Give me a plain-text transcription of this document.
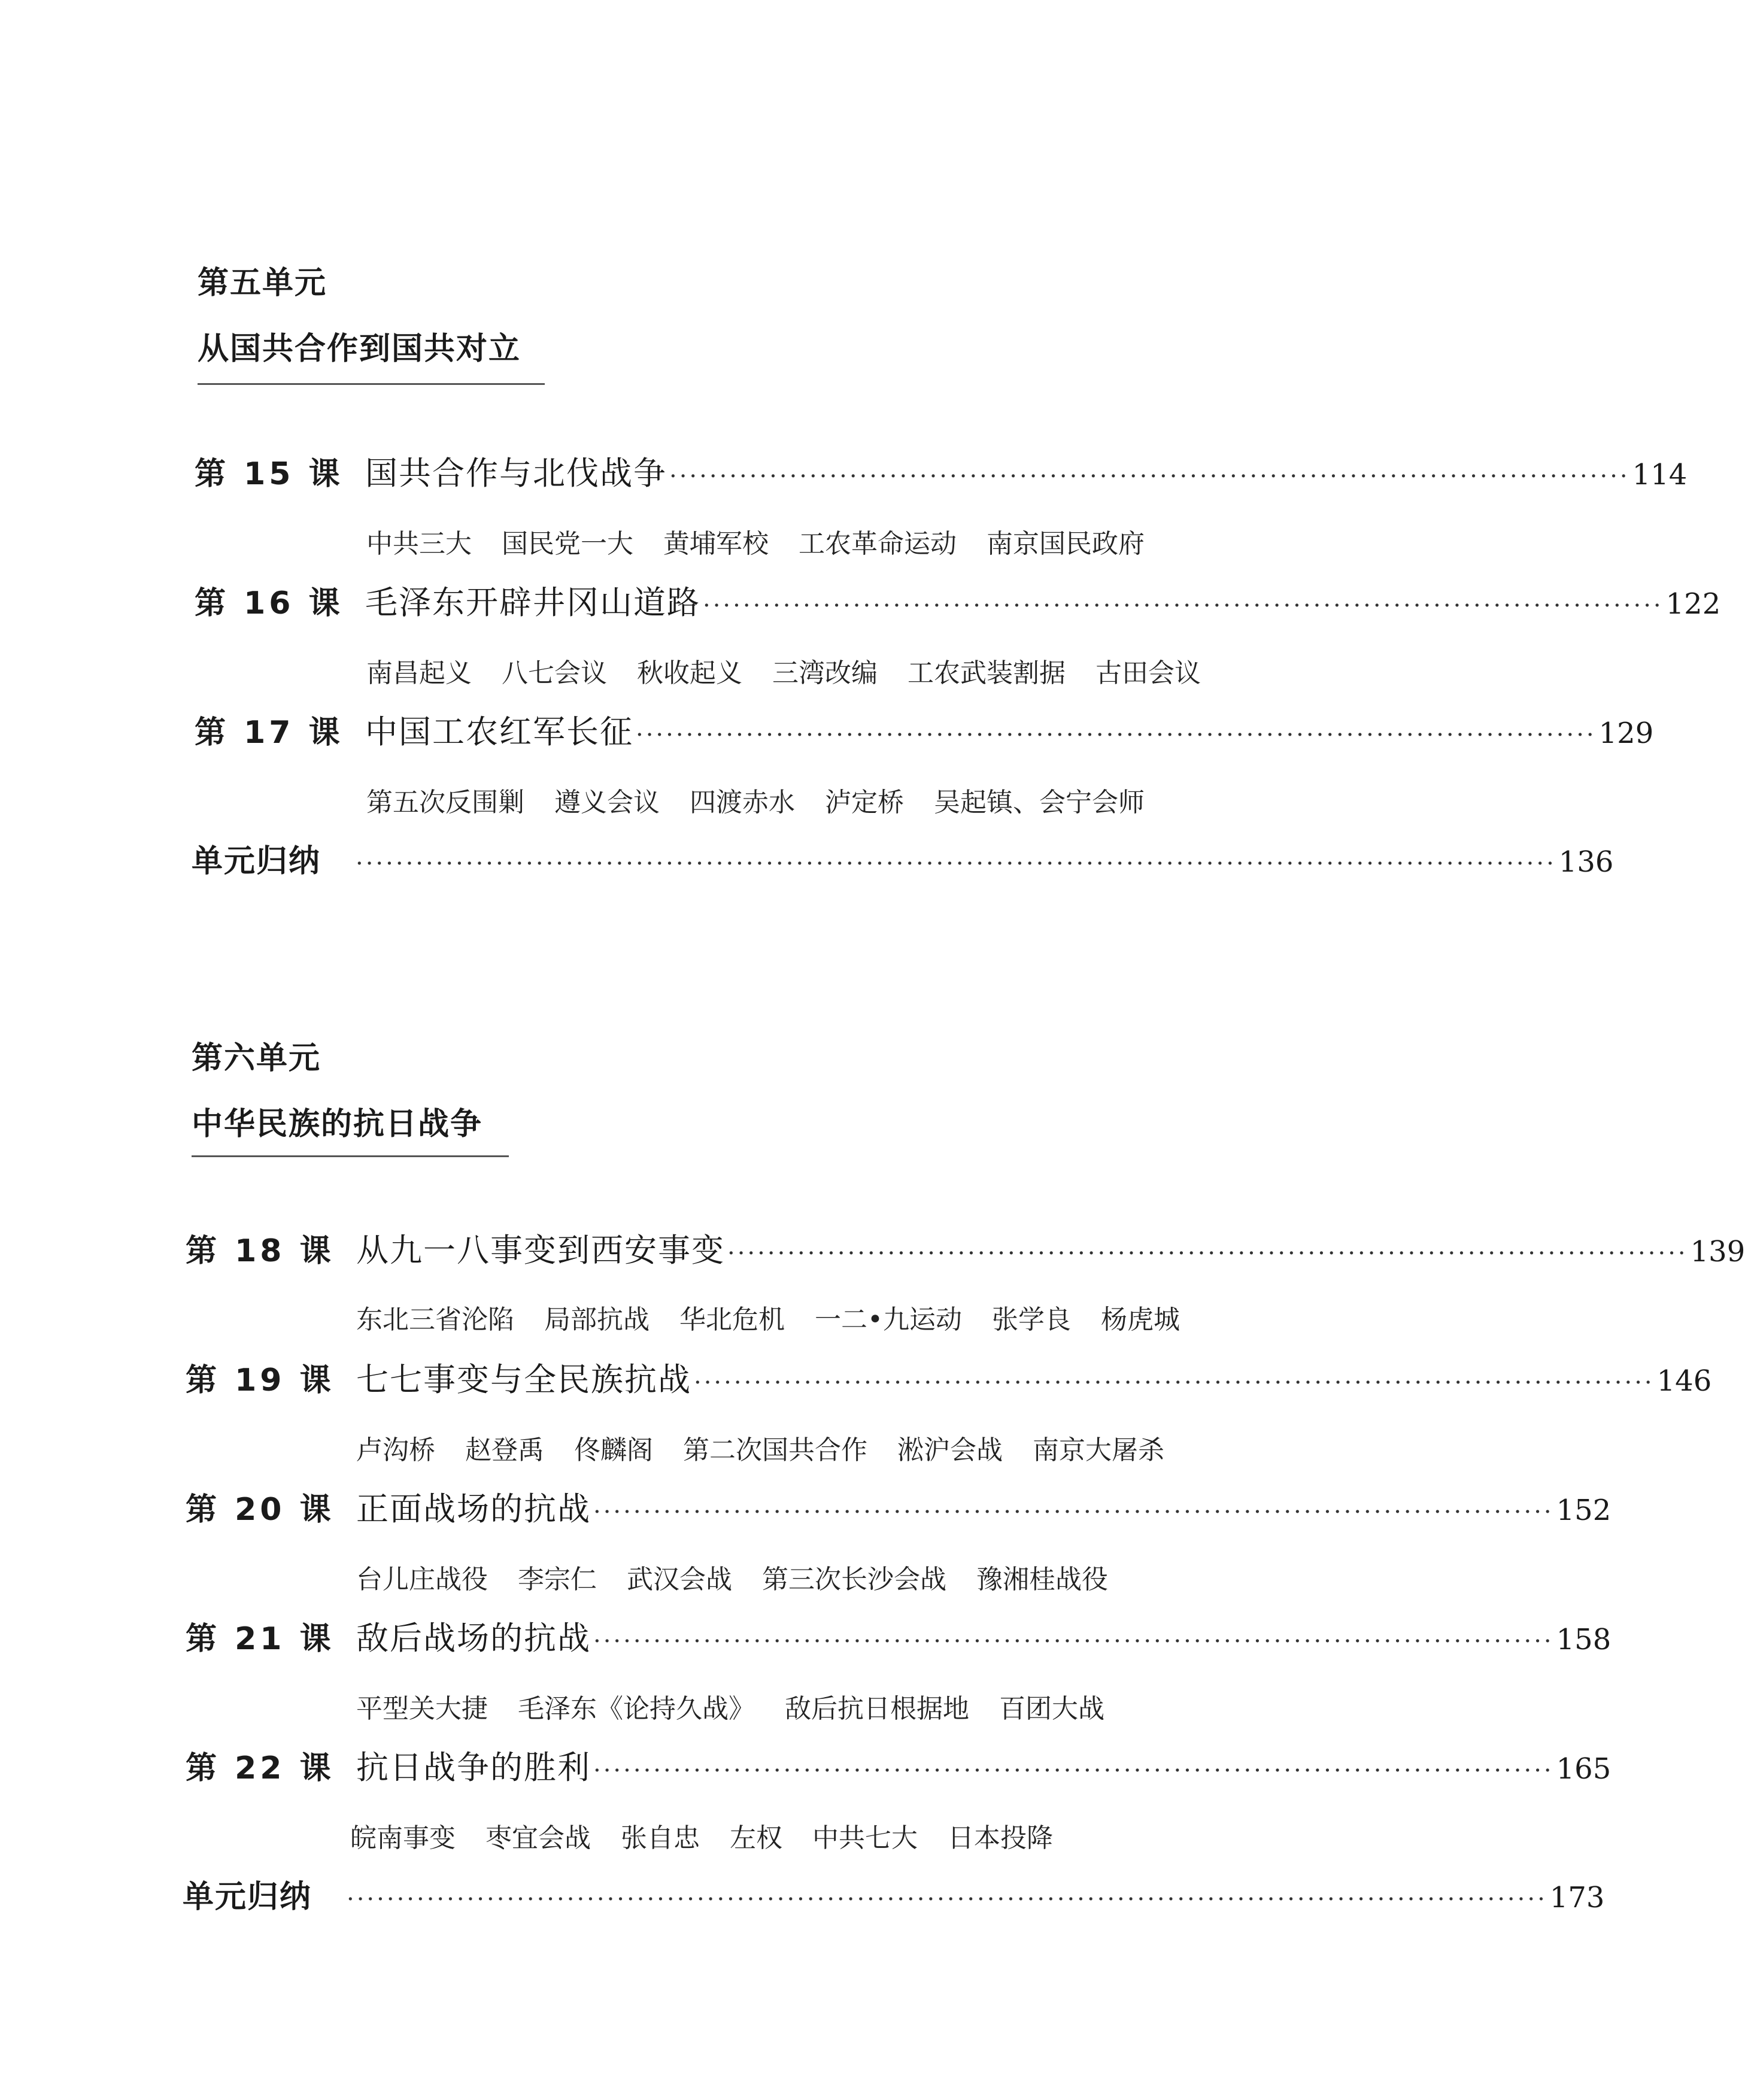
第五单元
从国共合作到国共对立
第 15 课 国共合作与北伐战争 ································································································ 114
中共三大 国民党一大 黄埔军校 工农革命运动 南京国民政府
第 16 课 毛泽东开辟井冈山道路 ································································································ 122
南昌起义 八七会议 秋收起义 三湾改编 工农武装割据 古田会议
第 17 课 中国工农红军长征 ································································································ 129
第五次反围剿 遵义会议 四渡赤水 泸定桥 吴起镇、会宁会师
单元归纳	························································································································ 136
第六单元
中华民族的抗日战争
第 18 课 从九一八事变到西安事变 ································································································ 139
东北三省沦陷 局部抗战 华北危机 一二•九运动 张学良 杨虎城
第 19 课 七七事变与全民族抗战 ································································································ 146
卢沟桥 赵登禹 佟麟阁 第二次国共合作 淞沪会战 南京大屠杀
第 20 课 正面战场的抗战 ································································································ 152
台儿庄战役 李宗仁 武汉会战 第三次长沙会战 豫湘桂战役
第 21 课 敌后战场的抗战 ································································································ 158
平型关大捷 毛泽东《论持久战》 敌后抗日根据地 百团大战
第 22 课 抗日战争的胜利 ································································································ 165
皖南事变 枣宜会战 张自忠 左权 中共七大 日本投降
单元归纳	························································································································ 173
